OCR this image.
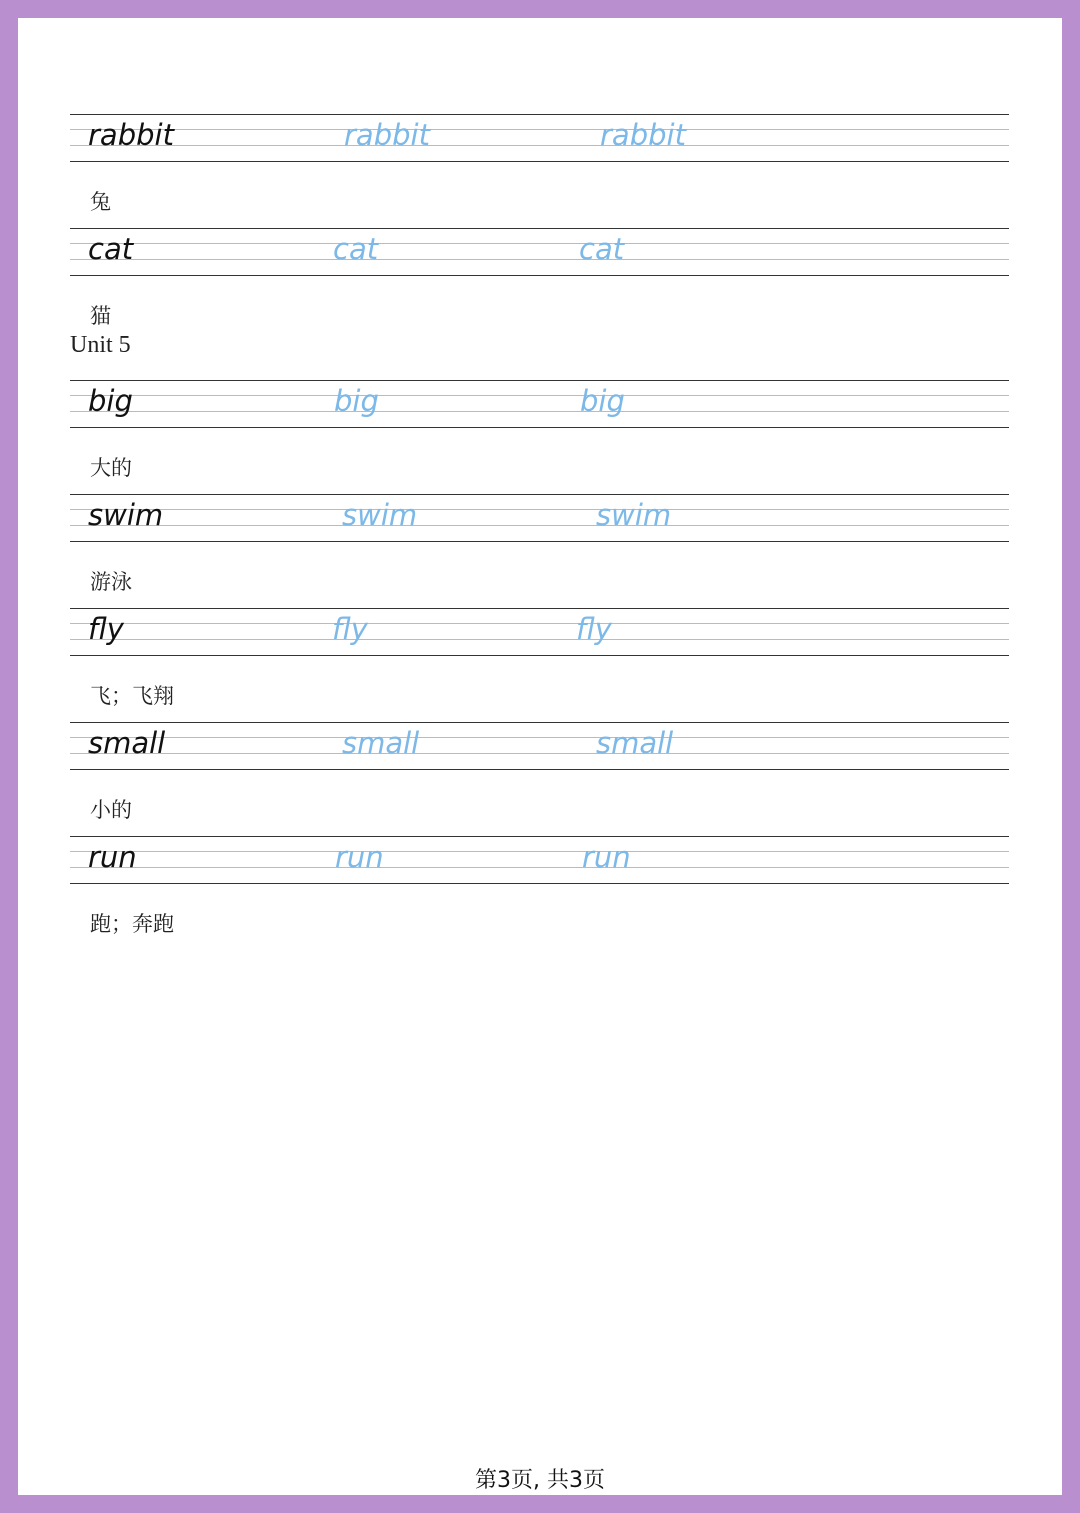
rabbit	rabbit	rabbit
兔
cat	cat	cat
猫
Unit 5
big	big	big
大的
swim	swim	swim
游泳
fly	fly	fly
飞；飞翔
small	small	small
小的
run	run	run
跑；奔跑
第3页, 共3页
